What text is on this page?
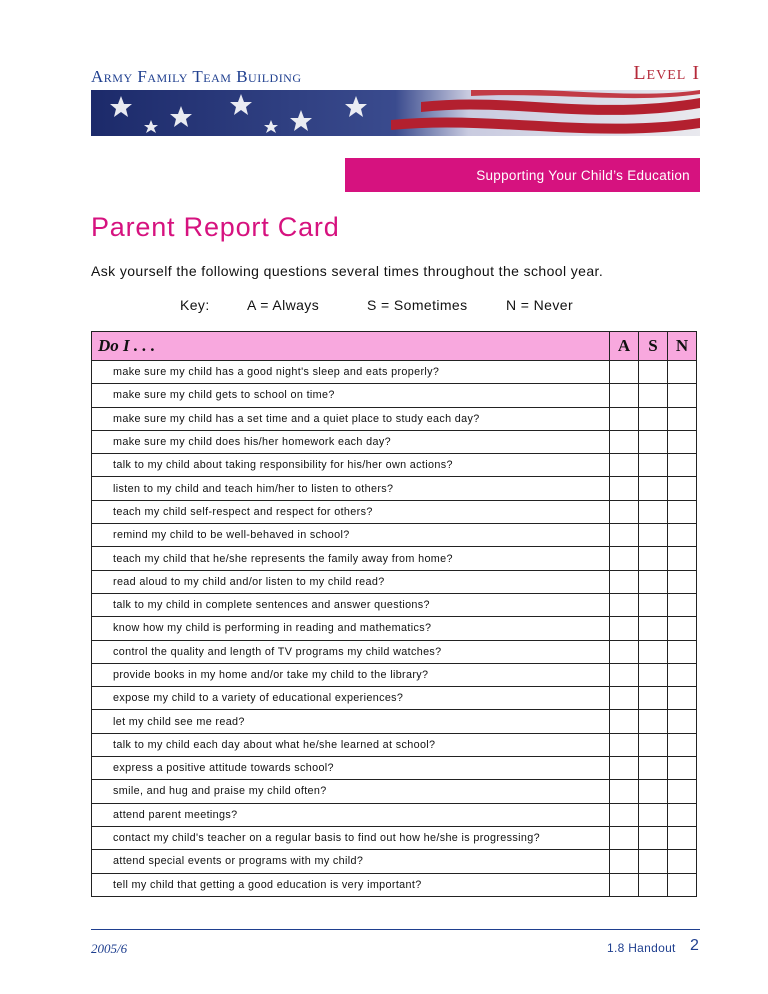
Army Family Team Building	Level I
Supporting Your Child’s Education
Parent Report Card
Ask yourself the following questions several times throughout the school year.
Key:	A = Always	S = Sometimes	N = Never
Do I . . .	A	S	N
make sure my child has a good night's sleep and eats properly?			
make sure my child gets to school on time?			
make sure my child has a set time and a quiet place to study each day?			
make sure my child does his/her homework each day?			
talk to my child about taking responsibility for his/her own actions?			
listen to my child and teach him/her to listen to others?			
teach my child self-respect and respect for others?			
remind my child to be well-behaved in school?			
teach my child that he/she represents the family away from home?			
read aloud to my child and/or listen to my child read?			
talk to my child in complete sentences and answer questions?			
know how my child is performing in reading and mathematics?			
control the quality and length of TV programs my child watches?			
provide books in my home and/or take my child to the library?			
expose my child to a variety of educational experiences?			
let my child see me read?			
talk to my child each day about what he/she learned at school?			
express a positive attitude towards school?			
smile, and hug and praise my child often?			
attend parent meetings?			
contact my child's teacher on a regular basis to find out how he/she is progressing?			
attend special events or programs with my child?			
tell my child that getting a good education is very important?			
2005/6	1.8 Handout 2
